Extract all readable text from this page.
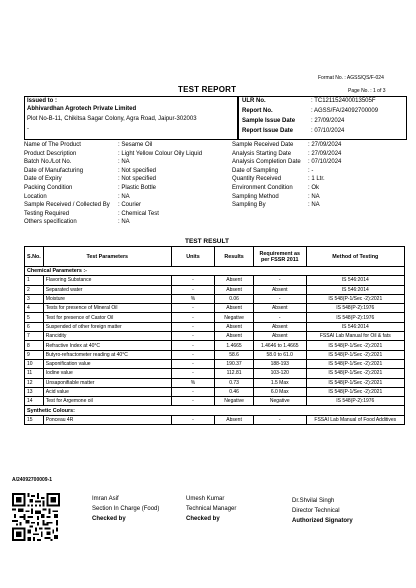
Format No. : AGSS/QS/F-024
TEST REPORT	Page No. : 1 of 3
Issued to :
Abhivardhan Agrotech Private Limited
Plot No-B-11, Chikitsa Sagar Colony, Agra Road, Jaipur-302003
-
ULR No.	: TC121152400013505F
Report No.	: AGSS/FA/24092700009
Sample Issue Date	: 27/09/2024
Report Issue Date	: 07/10/2024
Name of The Product	: Sesame Oil
Product Description	: Light Yellow Colour Oily Liquid
Batch No./Lot No.	: NA
Date of Manufacturing	: Not specified
Date of Expiry	: Not specified
Packing Condition	: Plastic Bottle
Location	: NA
Sample Received / Collected By : Courier
Testing Required	: Chemical Test
Others specification	: NA
Sample Received Date : 27/09/2024
Analysis Starting Date	: 27/09/2024
Analysis Completion Date : 07/10/2024
Date of Sampling	: -
Quantity Received	: 1 Ltr.
Environment Condition	: Ok
Sampling Method	: NA
Sampling By	: NA
TEST RESULT
S.No.	Test Parameters	Units	Results	Requirement as per FSSR 2011	Method of Testing
Chemical Parameters :-					
1	Flavoring Substance	-	Absent	-	IS 546:2014
2	Separated water	-	Absent	Absent	IS 546:2014
3	Moisture	%	0.06	-	IS 548(P-1/Sec -2):2021
4	Tests for presence of Mineral Oil	-	Absent	Absent	IS 548(P-2):1976
5	Test for presence of Castor Oil	-	Negative	-	IS 548(P-2):1976
6	Suspended of other foreign matter	-	Absent	Absent	IS 546:2014
7	Rancidity	-	Absent	Absent	FSSAI Lab Manual for Oil & fats
8	Refractive Index at 40°C	-	1.4665	1.4646 to 1.4665	IS 548(P-1/Sec -2):2021
9	Butyro-refractometer reading at 40°C	-	58.6	58.0 to 61.0	IS 548(P-1/Sec -2):2021
10	Saponification value	-	190.37	188-193	IS 548(P-1/Sec -2):2021
11	Iodine value	-	112.81	103-120	IS 548(P-1/Sec -2):2021
12	Unsaponifiable matter	%	0.73	1.5 Max	IS 548(P-1/Sec -2):2021
13	Acid value	-	0.46	6.0 Max	IS 548(P-1/Sec -2):2021
14	Test for Argemone oil	-	Negative	Negative	IS 548(P-2):1976
Synthetic Colours:					
15	Ponceau 4R	-	Absent	-	FSSAI Lab Manual of Food Additives
A/24092700009-1
Imran Asif
Section In Charge (Food)
Checked by
Umesh Kumar
Technical Manager
Checked by
Dr.Shvilal Singh
Director Technical
Authorized Signatory
